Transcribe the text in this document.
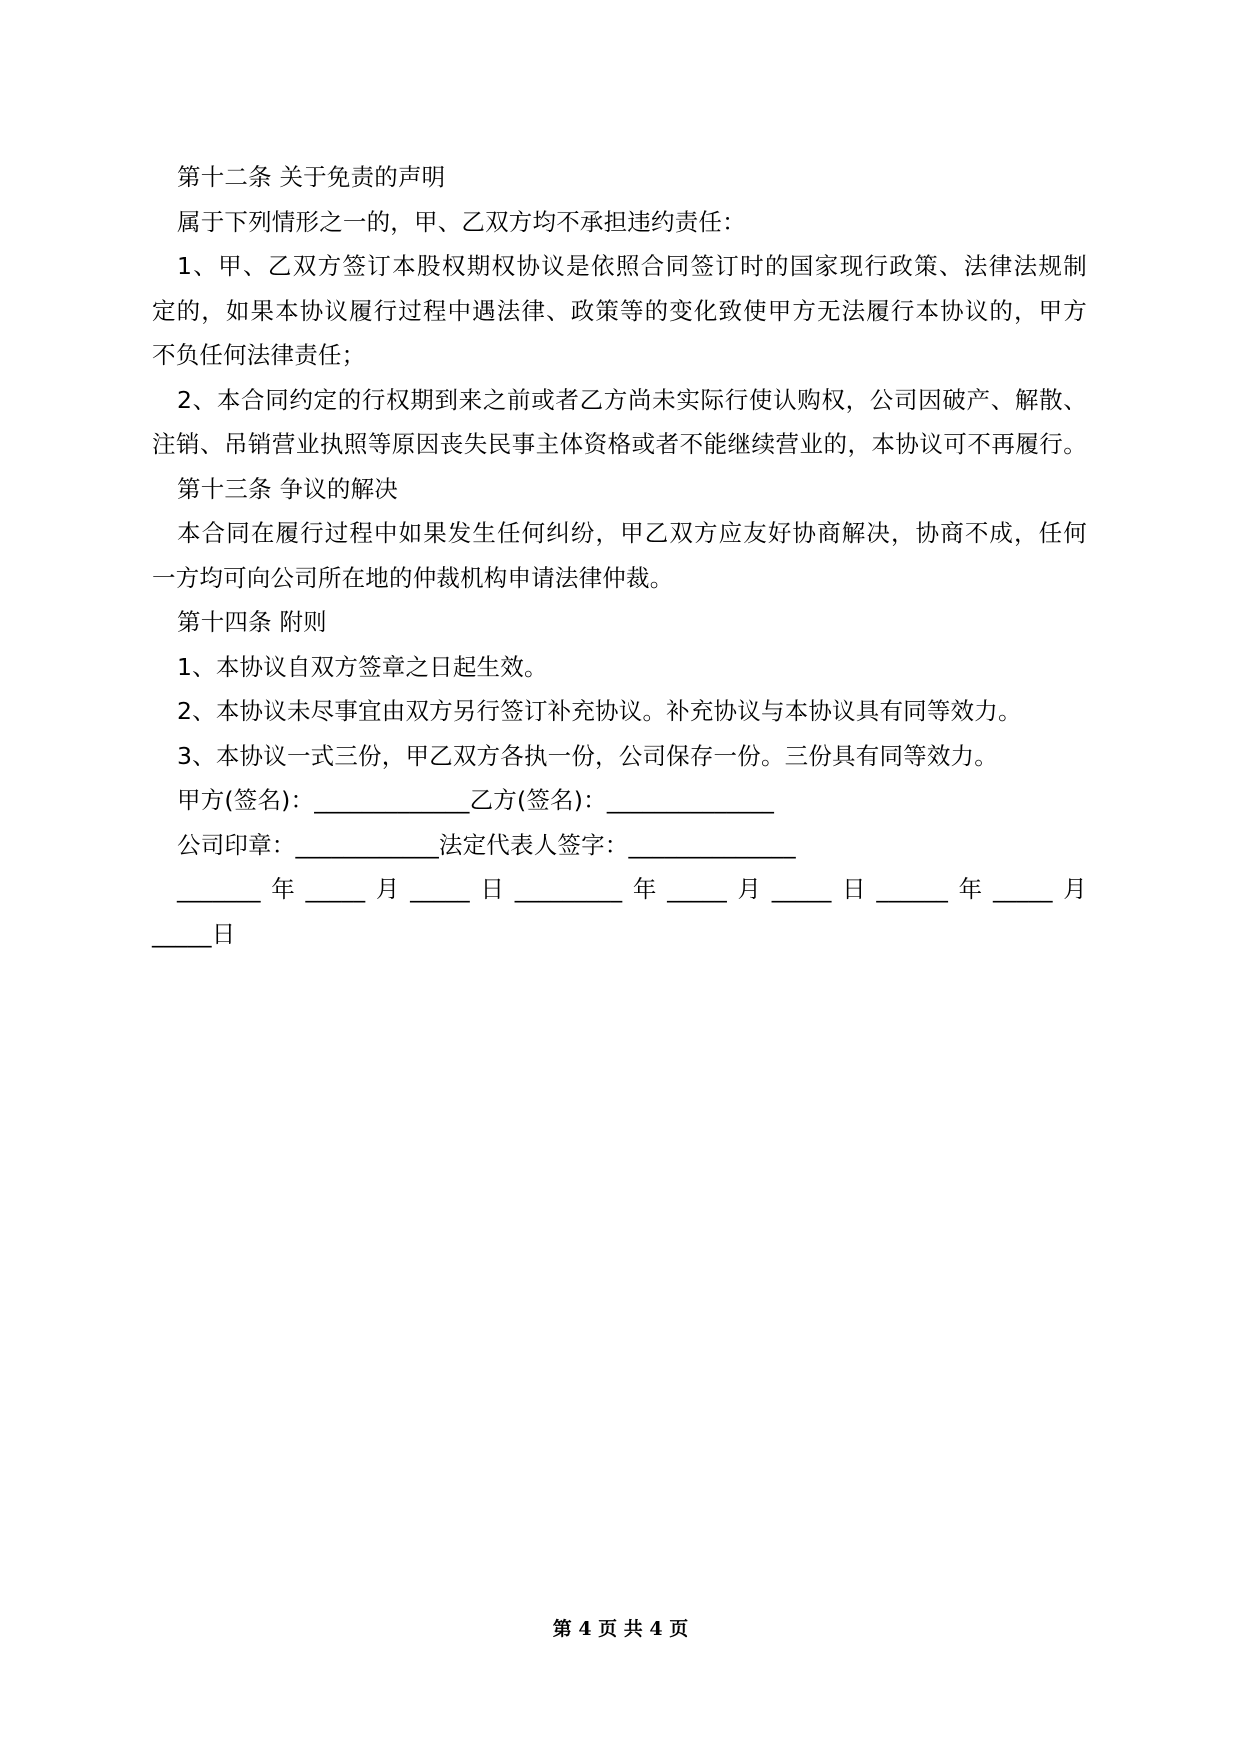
第十二条 关于免责的声明
属于下列情形之一的，甲、乙双方均不承担违约责任：
1、甲、乙双方签订本股权期权协议是依照合同签订时的国家现行政策、法律法规制
定的，如果本协议履行过程中遇法律、政策等的变化致使甲方无法履行本协议的，甲方
不负任何法律责任；
2、本合同约定的行权期到来之前或者乙方尚未实际行使认购权，公司因破产、解散、
注销、吊销营业执照等原因丧失民事主体资格或者不能继续营业的，本协议可不再履行。
第十三条 争议的解决
本合同在履行过程中如果发生任何纠纷，甲乙双方应友好协商解决，协商不成，任何
一方均可向公司所在地的仲裁机构申请法律仲裁。
第十四条 附则
1、本协议自双方签章之日起生效。
2、本协议未尽事宜由双方另行签订补充协议。补充协议与本协议具有同等效力。
3、本协议一式三份，甲乙双方各执一份，公司保存一份。三份具有同等效力。
甲方(签名)：_____________乙方(签名)：______________
公司印章：____________法定代表人签字：______________
_______年_____月_____日_________年_____月_____日______年_____月
_____日
第 4 页 共 4 页
